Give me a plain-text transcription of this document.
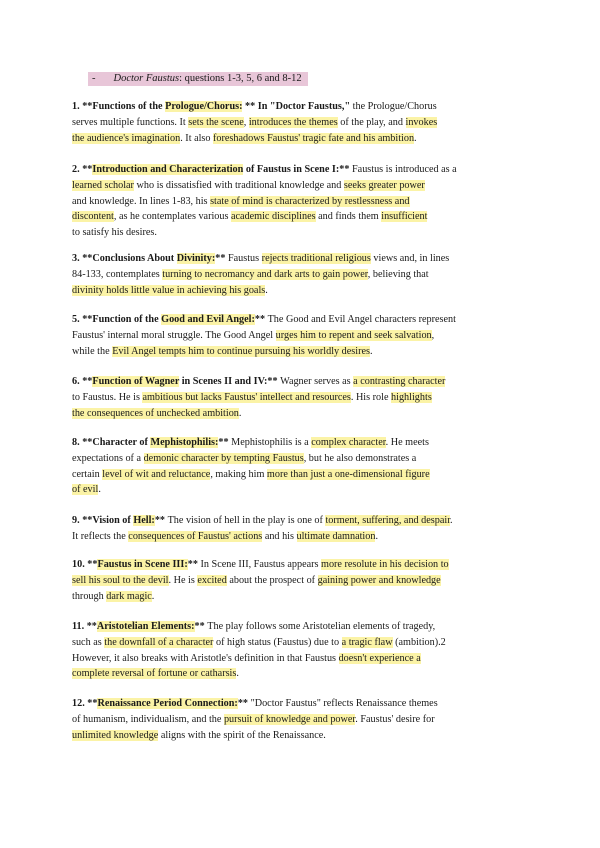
- Doctor Faustus: questions 1-3, 5, 6 and 8-12
1. **Functions of the Prologue/Chorus: ** In "Doctor Faustus," the Prologue/Chorus
serves multiple functions. It sets the scene, introduces the themes of the play, and invokes
the audience's imagination. It also foreshadows Faustus' tragic fate and his ambition.
2. **Introduction and Characterization of Faustus in Scene I:** Faustus is introduced as a
learned scholar who is dissatisfied with traditional knowledge and seeks greater power
and knowledge. In lines 1-83, his state of mind is characterized by restlessness and
discontent, as he contemplates various academic disciplines and finds them insufficient
to satisfy his desires.
3. **Conclusions About Divinity:** Faustus rejects traditional religious views and, in lines
84-133, contemplates turning to necromancy and dark arts to gain power, believing that
divinity holds little value in achieving his goals.
5. **Function of the Good and Evil Angel:** The Good and Evil Angel characters represent
Faustus' internal moral struggle. The Good Angel urges him to repent and seek salvation,
while the Evil Angel tempts him to continue pursuing his worldly desires.
6. **Function of Wagner in Scenes II and IV:** Wagner serves as a contrasting character
to Faustus. He is ambitious but lacks Faustus' intellect and resources. His role highlights
the consequences of unchecked ambition.
8. **Character of Mephistophilis:** Mephistophilis is a complex character. He meets
expectations of a demonic character by tempting Faustus, but he also demonstrates a
certain level of wit and reluctance, making him more than just a one-dimensional figure
of evil.
9. **Vision of Hell:** The vision of hell in the play is one of torment, suffering, and despair.
It reflects the consequences of Faustus' actions and his ultimate damnation.
10. **Faustus in Scene III:** In Scene III, Faustus appears more resolute in his decision to
sell his soul to the devil. He is excited about the prospect of gaining power and knowledge
through dark magic.
11. **Aristotelian Elements:** The play follows some Aristotelian elements of tragedy,
such as the downfall of a character of high status (Faustus) due to a tragic flaw (ambition).2
However, it also breaks with Aristotle's definition in that Faustus doesn't experience a
complete reversal of fortune or catharsis.
12. **Renaissance Period Connection:** "Doctor Faustus" reflects Renaissance themes
of humanism, individualism, and the pursuit of knowledge and power. Faustus' desire for
unlimited knowledge aligns with the spirit of the Renaissance.
